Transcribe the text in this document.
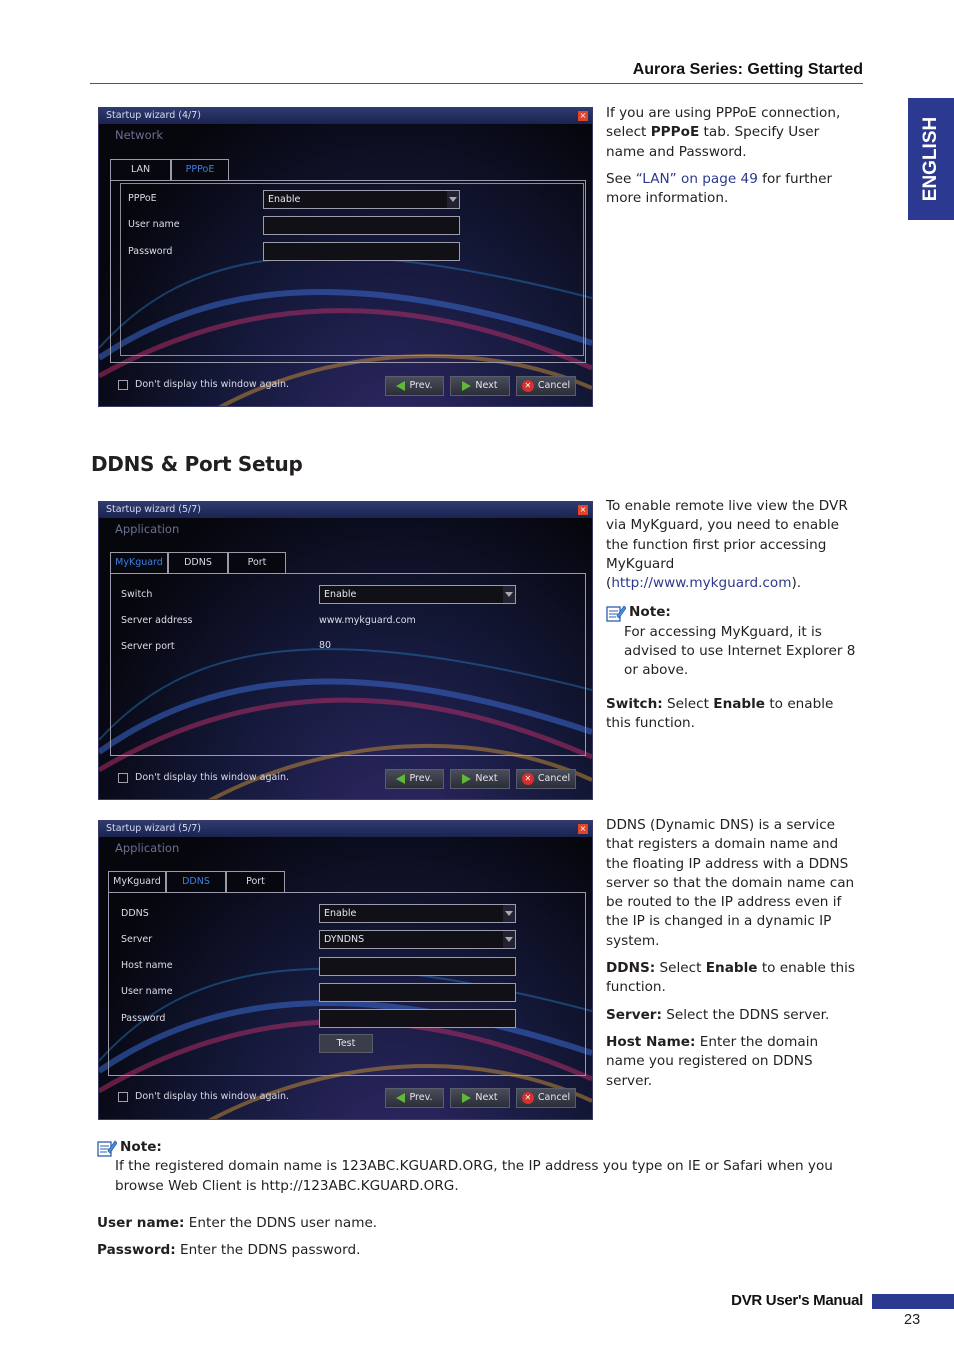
Aurora Series: Getting Started
ENGLISH
Startup wizard (4/7)	×
Network
LAN	PPPoE
PPPoE	Enable
User name
Password
Don't display this window again.	Prev.	Next	✕ Cancel

If you are using PPPoE connection, select PPPoE tab. Specify User name and Password.

See “LAN” on page 49 for further more information.

DDNS & Port Setup
Startup wizard (5/7)	×
Application
MyKguard	DDNS	Port
Switch	Enable
Server address	www.mykguard.com
Server port	80
Don't display this window again.	Prev.	Next	✕ Cancel

To enable remote live view the DVR via MyKguard, you need to enable the function first prior accessing MyKguard (http://www.mykguard.com).

Note:

For accessing MyKguard, it is advised to use Internet Explorer 8 or above.

Switch: Select Enable to enable this function.

Startup wizard (5/7)	×
Application
MyKguard	DDNS	Port
DDNS	Enable
Server	DYNDNS
Host name
User name
Password
Test
Don't display this window again.	Prev.	Next	✕ Cancel

DDNS (Dynamic DNS) is a service that registers a domain name and the floating IP address with a DDNS server so that the domain name can be routed to the IP address even if the IP is changed in a dynamic IP system.

DDNS: Select Enable to enable this function.

Server: Select the DDNS server.

Host Name: Enter the domain name you registered on DDNS server.

Note:

If the registered domain name is 123ABC.KGUARD.ORG, the IP address you type on IE or Safari when you browse Web Client is http://123ABC.KGUARD.ORG.

User name: Enter the DDNS user name.

Password: Enter the DDNS password.

DVR User's Manual
23
